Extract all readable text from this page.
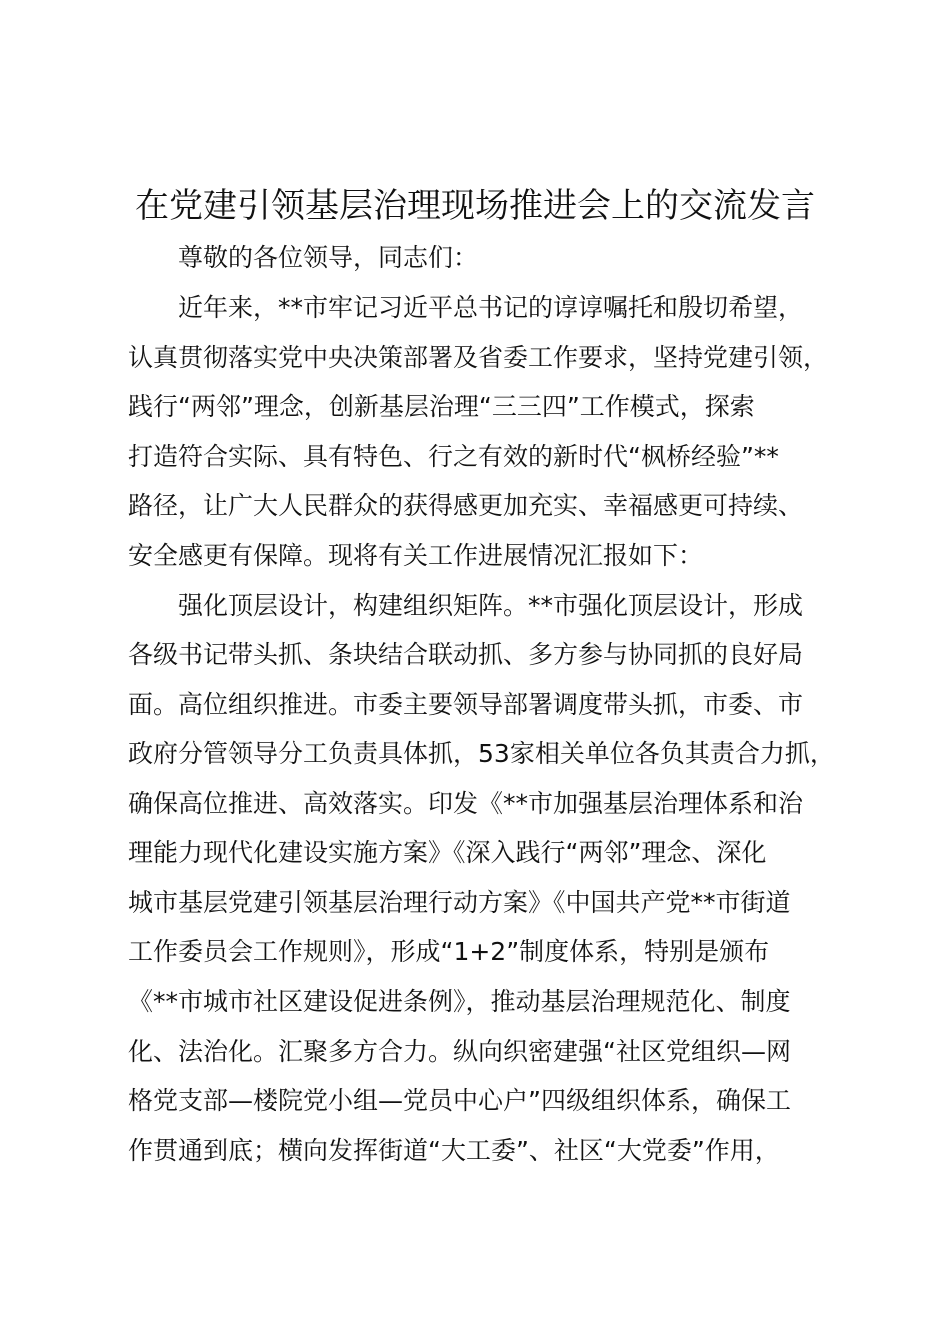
在党建引领基层治理现场推进会上的交流发言

尊敬的各位领导，同志们：

近年来，**市牢记习近平总书记的谆谆嘱托和殷切希望，

认真贯彻落实党中央决策部署及省委工作要求，坚持党建引领，

践行“两邻”理念，创新基层治理“三三四”工作模式，探索

打造符合实际、具有特色、行之有效的新时代“枫桥经验”**

路径，让广大人民群众的获得感更加充实、幸福感更可持续、

安全感更有保障。现将有关工作进展情况汇报如下：

强化顶层设计，构建组织矩阵。**市强化顶层设计，形成

各级书记带头抓、条块结合联动抓、多方参与协同抓的良好局

面。高位组织推进。市委主要领导部署调度带头抓，市委、市

政府分管领导分工负责具体抓，53家相关单位各负其责合力抓，

确保高位推进、高效落实。印发《**市加强基层治理体系和治

理能力现代化建设实施方案》《深入践行“两邻”理念、深化

城市基层党建引领基层治理行动方案》《中国共产党**市街道

工作委员会工作规则》，形成“1+2”制度体系，特别是颁布

《**市城市社区建设促进条例》，推动基层治理规范化、制度

化、法治化。汇聚多方合力。纵向织密建强“社区党组织—网

格党支部—楼院党小组—党员中心户”四级组织体系，确保工

作贯通到底；横向发挥街道“大工委”、社区“大党委”作用，
